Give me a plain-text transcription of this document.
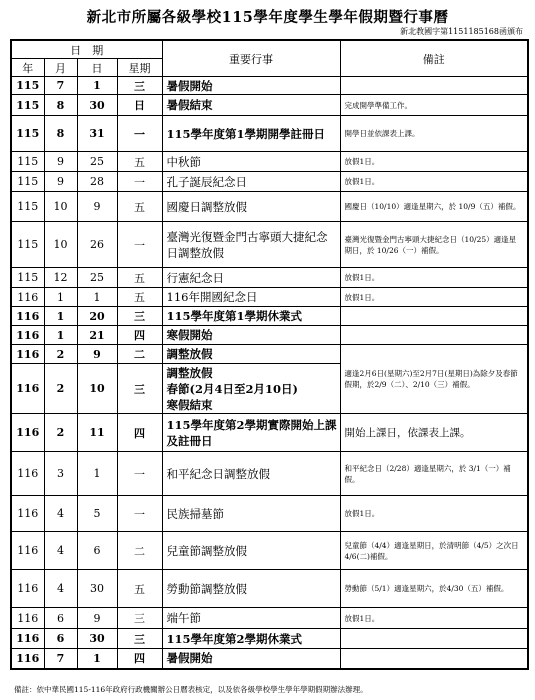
新北市所屬各級學校115學年度學生學年假期暨行事曆
新北教國字第1151185168函頒布
日　期				重要行事	備註
年	月	日	星期		
115	7	1	三	暑假開始	
115	8	30	日	暑假結束	完成開學準備工作。
115	8	31	一	115學年度第1學期開學註冊日	開學日並依課表上課。
115	9	25	五	中秋節	放假1日。
115	9	28	一	孔子誕辰紀念日	放假1日。
115	10	9	五	國慶日調整放假	國慶日（10/10）適逢星期六，於 10/9（五）補假。
115	10	26	一	臺灣光復暨金門古寧頭大捷紀念日調整放假	臺灣光復暨金門古寧頭大捷紀念日（10/25）適逢星期日，於 10/26（一）補假。
115	12	25	五	行憲紀念日	放假1日。
116	1	1	五	116年開國紀念日	放假1日。
116	1	20	三	115學年度第1學期休業式	
116	1	21	四	寒假開始	
116	2	9	二	調整放假	適逢2月6日(星期六)至2月7日(星期日)為除夕及春節假期，於2/9（二）、2/10（三）補假。
116	2	10	三	調整放假
春節(2月4日至2月10日)
寒假結束	
116	2	11	四	115學年度第2學期實際開始上課及註冊日	開始上課日，依課表上課。
116	3	1	一	和平紀念日調整放假	和平紀念日（2/28）適逢星期六，於 3/1（一）補假。
116	4	5	一	民族掃墓節	放假1日。
116	4	6	二	兒童節調整放假	兒童節（4/4）適逢星期日，於清明節（4/5）之次日4/6(二)補假。
116	4	30	五	勞動節調整放假	勞動節（5/1）適逢星期六，於4/30（五）補假。
116	6	9	三	端午節	放假1日。
116	6	30	三	115學年度第2學期休業式	
116	7	1	四	暑假開始	
備註：依中華民國115-116年政府行政機關辦公日曆表核定，以及依各級學校學生學年學期假期辦法辦理。
